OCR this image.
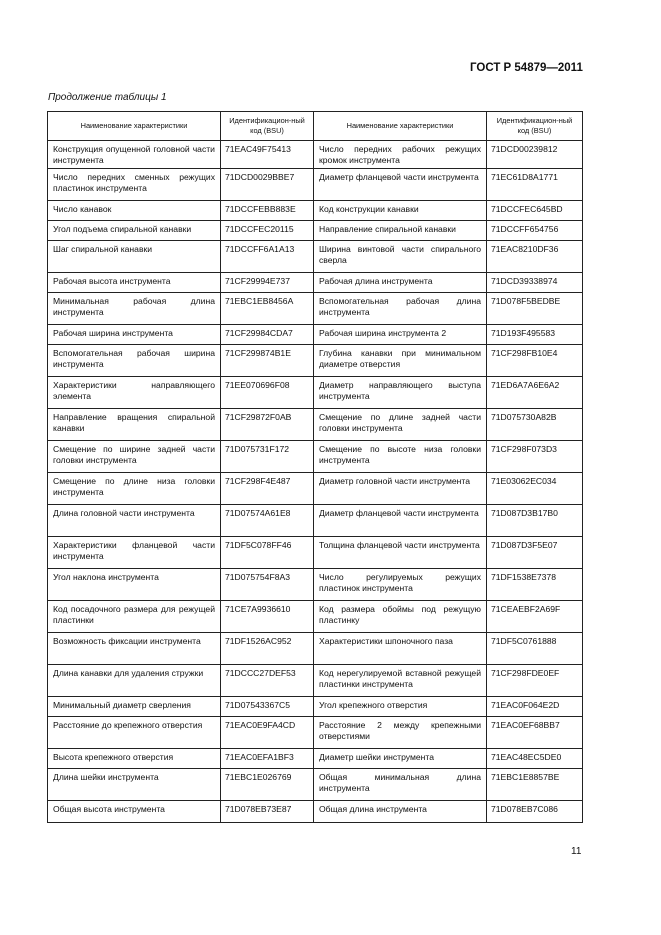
ГОСТ Р 54879—2011
Продолжение таблицы 1
Наименование характеристики	Идентификацион-ный код (BSU)	Наименование характеристики	Идентификацион-ный код (BSU)
Конструкция опущенной головной части инструмента	71EAC49F75413	Число передних рабочих режущих кромок инструмента	71DCD00239812
Число передних сменных режущих пластинок инструмента	71DCD0029BBE7	Диаметр фланцевой части инструмента	71EC61D8A1771
Число канавок	71DCCFEBB883E	Код конструкции канавки	71DCCFEC645BD
Угол подъема спиральной канавки	71DCCFEC20115	Направление спиральной канавки	71DCCFF654756
Шаг спиральной канавки	71DCCFF6A1A13	Ширина винтовой части спирального сверла	71EAC8210DF36
Рабочая высота инструмента	71CF29994E737	Рабочая длина инструмента	71DCD39338974
Минимальная рабочая длина инструмента	71EBC1EB8456A	Вспомогательная рабочая длина инструмента	71D078F5BEDBE
Рабочая ширина инструмента	71CF29984CDA7	Рабочая ширина инструмента 2	71D193F495583
Вспомогательная рабочая ширина инструмента	71CF299874B1E	Глубина канавки при минимальном диаметре отверстия	71CF298FB10E4
Характеристики направляющего элемента	71EE070696F08	Диаметр направляющего выступа инструмента	71ED6A7A6E6A2
Направление вращения спиральной канавки	71CF29872F0AB	Смещение по длине задней части головки инструмента	71D075730A82B
Смещение по ширине задней части головки инструмента	71D075731F172	Смещение по высоте низа головки инструмента	71CF298F073D3
Смещение по длине низа головки инструмента	71CF298F4E487	Диаметр головной части инструмента	71E03062EC034
Длина головной части инструмента	71D07574A61E8	Диаметр фланцевой части инструмента	71D087D3B17B0
Характеристики фланцевой части инструмента	71DF5C078FF46	Толщина фланцевой части инструмента	71D087D3F5E07
Угол наклона инструмента	71D075754F8A3	Число регулируемых режущих пластинок инструмента	71DF1538E7378
Код посадочного размера для режущей пластинки	71CE7A9936610	Код размера обоймы под режущую пластинку	71CEAEBF2A69F
Возможность фиксации инструмента	71DF1526AC952	Характеристики шпоночного паза	71DF5C0761888
Длина канавки для удаления стружки	71DCCC27DEF53	Код нерегулируемой вставной режущей пластинки инструмента	71CF298FDE0EF
Минимальный диаметр сверления	71D07543367C5	Угол крепежного отверстия	71EAC0F064E2D
Расстояние до крепежного отверстия	71EAC0E9FA4CD	Расстояние 2 между крепежными отверстиями	71EAC0EF68BB7
Высота крепежного отверстия	71EAC0EFA1BF3	Диаметр шейки инструмента	71EAC48EC5DE0
Длина шейки инструмента	71EBC1E026769	Общая минимальная длина инструмента	71EBC1E8857BE
Общая высота инструмента	71D078EB73E87	Общая длина инструмента	71D078EB7C086
11
